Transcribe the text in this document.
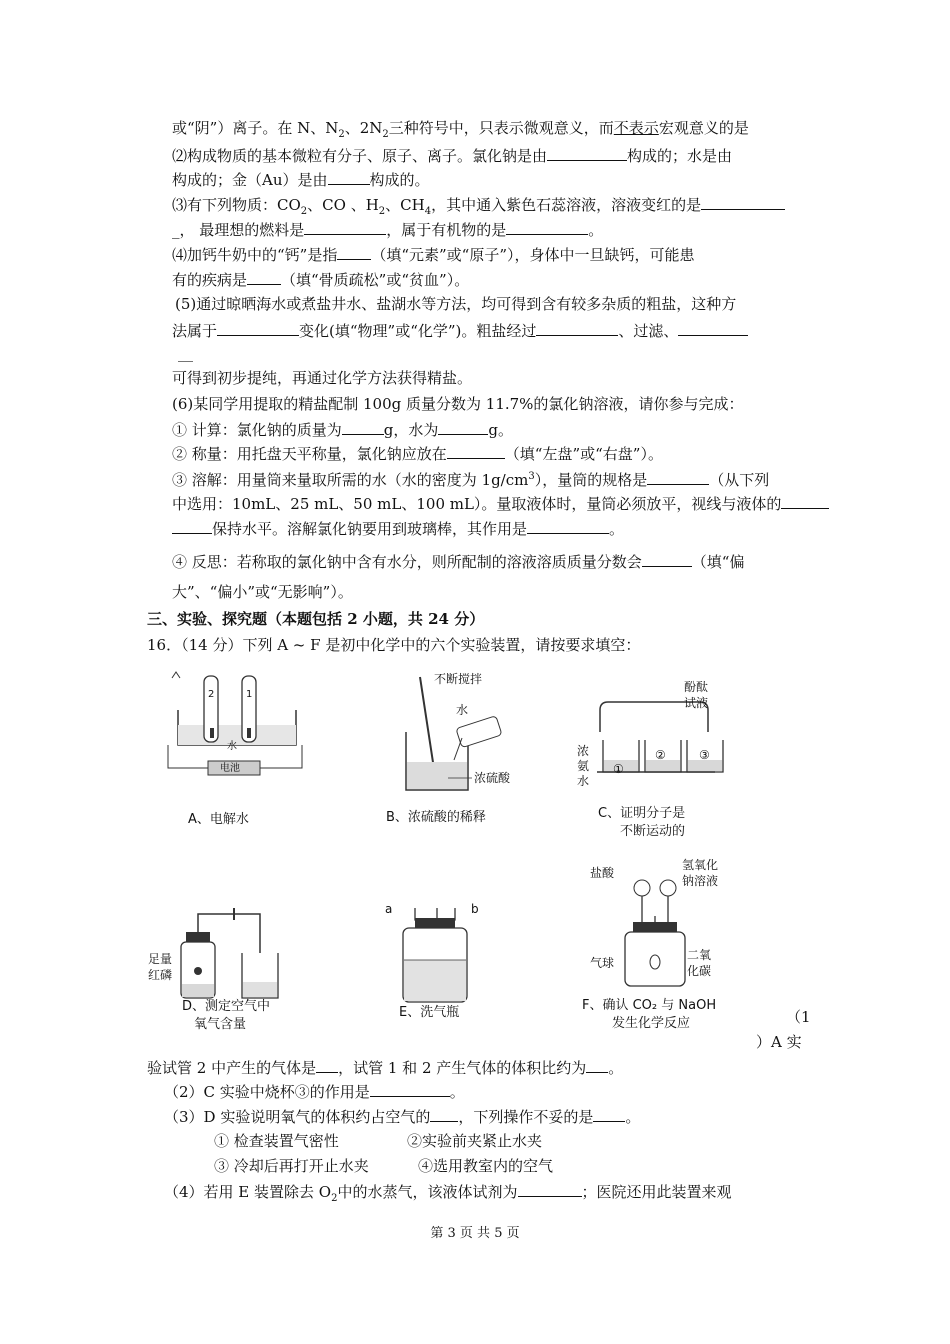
或“阴”）离子。在 N、$N_2$、$2N_2$三种符号中，只表示微观意义，而不表示宏观意义的是
⑵构成物质的基本微粒有分子、原子、离子。氯化钠是由	构成的；水是由
构成的；金（Au）是由	构成的。
⑶有下列物质：$CO_2$、CO 、$H_2$、$CH_4$，其中通入紫色石蕊溶液，溶液变红的是
_， 最理想的燃料是	，属于有机物的是	。
⑷加钙牛奶中的“钙”是指 （填“元素”或“原子”），身体中一旦缺钙，可能患
有的疾病是 （填“骨质疏松”或“贫血”）。
(5)通过晾晒海水或煮盐井水、盐湖水等方法，均可得到含有较多杂质的粗盐，这种方
法属于	变化(填“物理”或“化学”)。粗盐经过	、过滤、
__
可得到初步提纯，再通过化学方法获得精盐。
(6)某同学用提取的精盐配制 100g 质量分数为 11.7%的氯化钠溶液，请你参与完成：
① 计算：氯化钠的质量为	g，水为	g。
② 称量：用托盘天平称量，氯化钠应放在	（填“左盘”或“右盘”）。
③ 溶解：用量筒来量取所需的水（水的密度为 $1g/cm^3$），量筒的规格是	（从下列
中选用：10mL、25 mL、50 mL、100 mL）。量取液体时，量筒必须放平，视线与液体的
保持水平。溶解氯化钠要用到玻璃棒，其作用是	。
④ 反思：若称取的氯化钠中含有水分，则所配制的溶液溶质质量分数会	（填“偏
大”、“偏小”或“无影响”）。
三、实验、探究题（本题包括 2 小题，共 24 分）
16．（14 分）下列 A ~ F 是初中化学中的六个实验装置，请按要求填空：
2	1
水
电池
A、电解水
不断搅拌
水
浓硫酸
B、浓硫酸的稀释
酚酞
试液
浓
氨
水
①
②	③
C、证明分子是
不断运动的
足量
红磷
D、测定空气中
氧气含量
a	b
E、洗气瓶
盐酸
氢氧化
钠溶液
气球
二氧
化碳
F、确认 CO₂ 与 NaOH
发生化学反应	（1
）A 实
验试管 2 中产生的气体是 ，试管 1 和 2 产生气体的体积比约为 。
（2）C 实验中烧杯③的作用是	。
（3）D 实验说明氧气的体积约占空气的 ，下列操作不妥的是 。
① 检查装置气密性	②实验前夹紧止水夹
③ 冷却后再打开止水夹	④选用教室内的空气
（4）若用 E 装置除去 $O_2$中的水蒸气，该液体试剂为	；医院还用此装置来观
第 3 页 共 5 页
